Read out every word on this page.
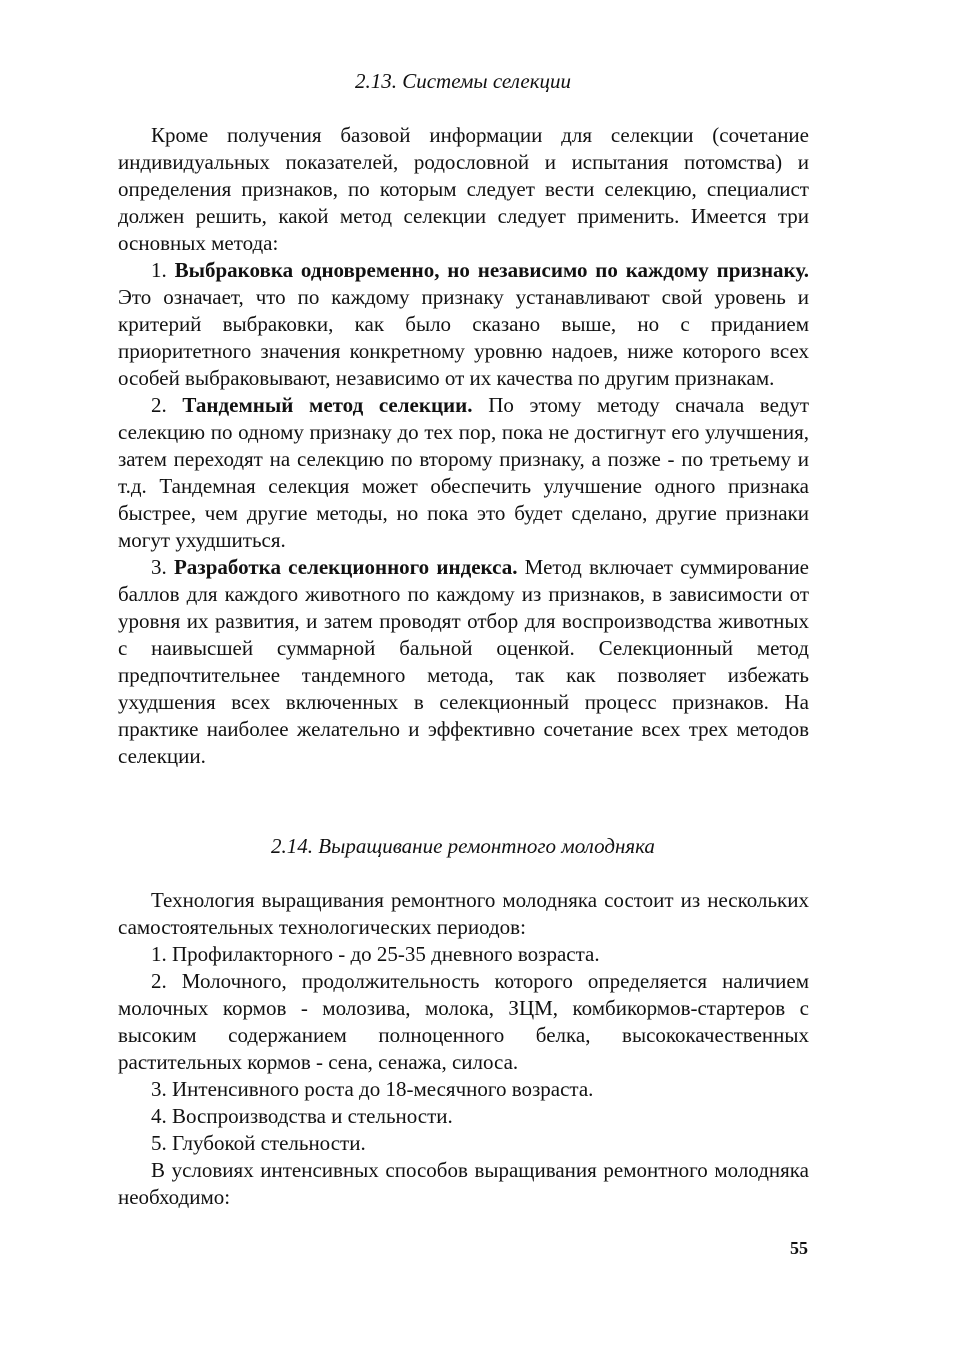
2.13. Системы селекции

Кроме получения базовой информации для селекции (сочетание индивидуальных показателей, родословной и испытания потомства) и определения признаков, по которым следует вести селекцию, специалист должен решить, какой метод селекции следует применить. Имеется три основных метода:

1. Выбраковка одновременно, но независимо по каждому признаку. Это означает, что по каждому признаку устанавливают свой уровень и критерий выбраковки, как было сказано выше, но с приданием приоритетного значения конкретному уровню надоев, ниже которого всех особей выбраковывают, независимо от их качества по другим признакам.

2. Тандемный метод селекции. По этому методу сначала ведут селекцию по одному признаку до тех пор, пока не достигнут его улучшения, затем переходят на селекцию по второму признаку, а позже - по третьему и т.д. Тандемная селекция может обеспечить улучшение одного признака быстрее, чем другие методы, но пока это будет сделано, другие признаки могут ухудшиться.

3. Разработка селекционного индекса. Метод включает суммирование баллов для каждого животного по каждому из признаков, в зависимости от уровня их развития, и затем проводят отбор для воспроизводства животных с наивысшей суммарной бальной оценкой. Селекционный метод предпочтительнее тандемного метода, так как позволяет избежать ухудшения всех включенных в селекционный процесс признаков. На практике наиболее желательно и эффективно сочетание всех трех методов селекции.

2.14. Выращивание ремонтного молодняка

Технология выращивания ремонтного молодняка состоит из нескольких самостоятельных технологических периодов:

1. Профилакторного - до 25-35 дневного возраста.

2. Молочного, продолжительность которого определяется наличием молочных кормов - молозива, молока, ЗЦМ, комбикормов-стартеров с высоким содержанием полноценного белка, высококачественных растительных кормов - сена, сенажа, силоса.

3. Интенсивного роста до 18-месячного возраста.

4. Воспроизводства и стельности.

5. Глубокой стельности.

В условиях интенсивных способов выращивания ремонтного молодняка необходимо:

55
